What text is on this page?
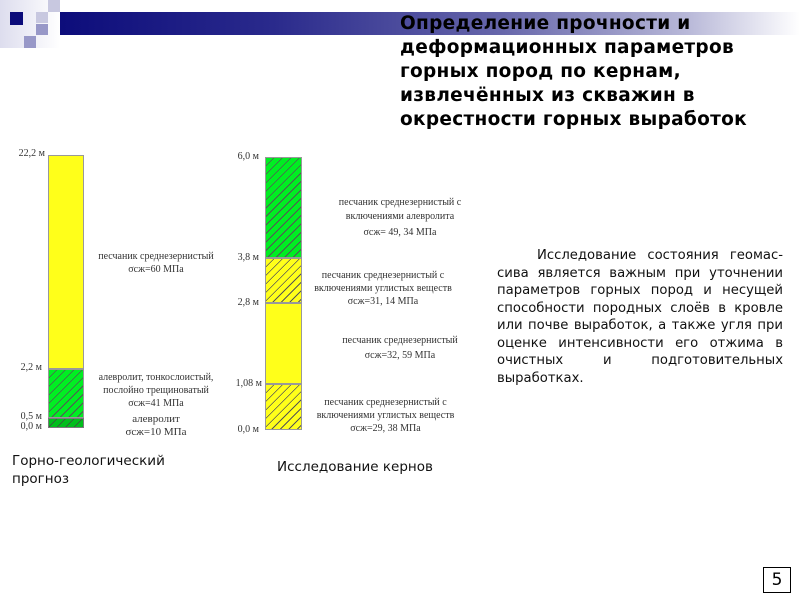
Определение прочности и деформационных параметров горных пород по кернам, извлечённых из скважин в окрестности горных выработок
22,2 м
2,2 м
0,5 м
0,0 м
песчаник среднезернистый
σсж=60 МПа
алевролит, тонкослоистый, послойно трещиноватый
σсж=41 МПа
алевролит
σсж=10 МПа
Горно-геологический прогноз
6,0 м
3,8 м
2,8 м
1,08 м
0,0 м
песчаник среднезернистый с включениями алевролита
σсж= 49, 34 МПа
песчаник среднезернистый с включениями углистых веществ
σсж=31, 14 МПа
песчаник среднезернистый
σсж=32, 59 МПа
песчаник среднезернистый с включениями углистых веществ
σсж=29, 38 МПа
Исследование кернов
Исследование состояния геомас-сива является важным при уточнении параметров горных пород и несущей способности породных слоёв в кровле или почве выработок, а также угля при оценке интенсивности его отжима в очистных и подготовительных выработках.
5
